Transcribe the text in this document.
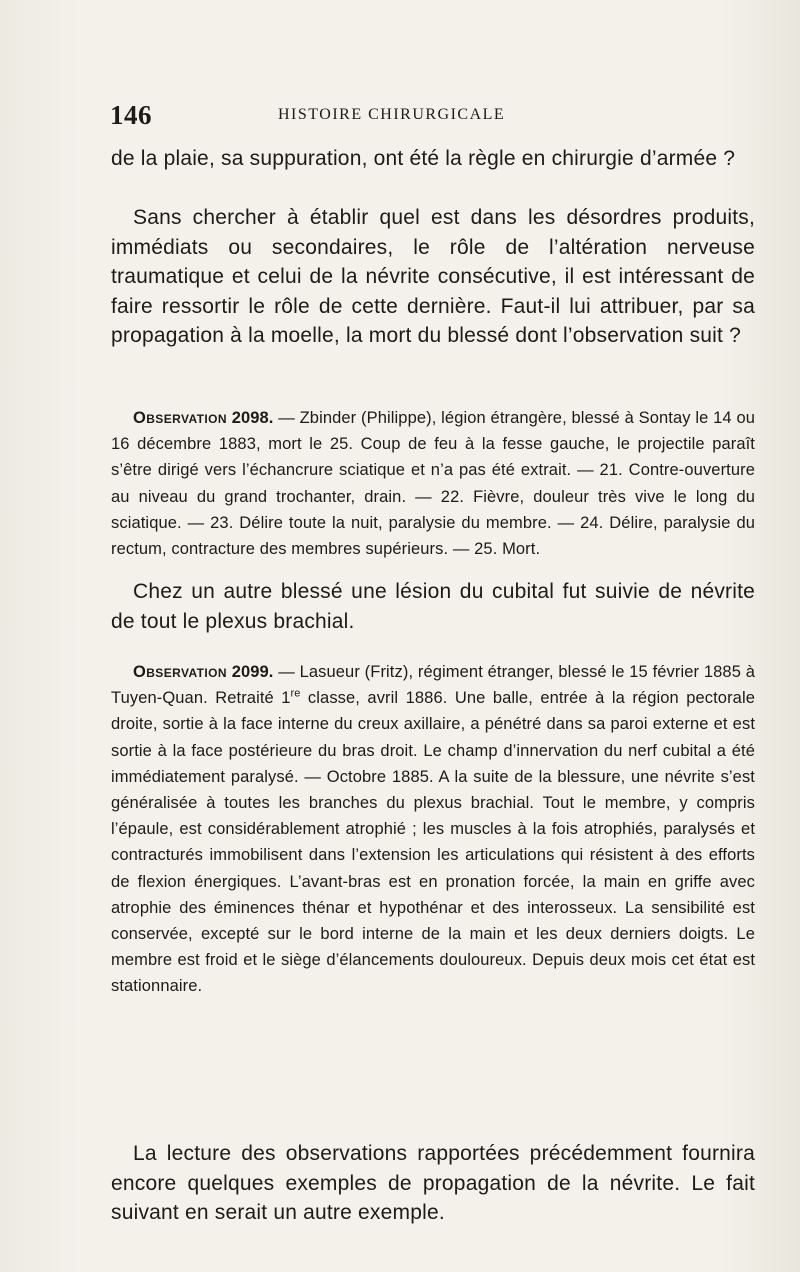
146	HISTOIRE CHIRURGICALE

de la plaie, sa suppuration, ont été la règle en chirurgie d’armée ?

Sans chercher à établir quel est dans les désordres produits, immédiats ou secondaires, le rôle de l’altération nerveuse traumatique et celui de la névrite consécutive, il est intéressant de faire ressortir le rôle de cette dernière. Faut-il lui attribuer, par sa propagation à la moelle, la mort du blessé dont l’observation suit ?

Observation 2098. — Zbinder (Philippe), légion étrangère, blessé à Sontay le 14 ou 16 décembre 1883, mort le 25. Coup de feu à la fesse gauche, le projectile paraît s’être dirigé vers l’échancrure sciatique et n’a pas été extrait. — 21. Contre-ouverture au niveau du grand trochanter, drain. — 22. Fièvre, douleur très vive le long du sciatique. — 23. Délire toute la nuit, paralysie du membre. — 24. Délire, paralysie du rectum, contracture des membres supérieurs. — 25. Mort.

Chez un autre blessé une lésion du cubital fut suivie de névrite de tout le plexus brachial.

Observation 2099. — Lasueur (Fritz), régiment étranger, blessé le 15 février 1885 à Tuyen-Quan. Retraité 1re classe, avril 1886. Une balle, entrée à la région pectorale droite, sortie à la face interne du creux axillaire, a pénétré dans sa paroi externe et est sortie à la face postérieure du bras droit. Le champ d’innervation du nerf cubital a été immédiatement paralysé. — Octobre 1885. A la suite de la blessure, une névrite s’est généralisée à toutes les branches du plexus brachial. Tout le membre, y compris l’épaule, est considérablement atrophié ; les muscles à la fois atrophiés, paralysés et contracturés immobilisent dans l’extension les articulations qui résistent à des efforts de flexion énergiques. L’avant-bras est en pronation forcée, la main en griffe avec atrophie des éminences thénar et hypothénar et des interosseux. La sensibilité est conservée, excepté sur le bord interne de la main et les deux derniers doigts. Le membre est froid et le siège d’élancements douloureux. Depuis deux mois cet état est stationnaire.

La lecture des observations rapportées précédemment fournira encore quelques exemples de propagation de la névrite. Le fait suivant en serait un autre exemple.
